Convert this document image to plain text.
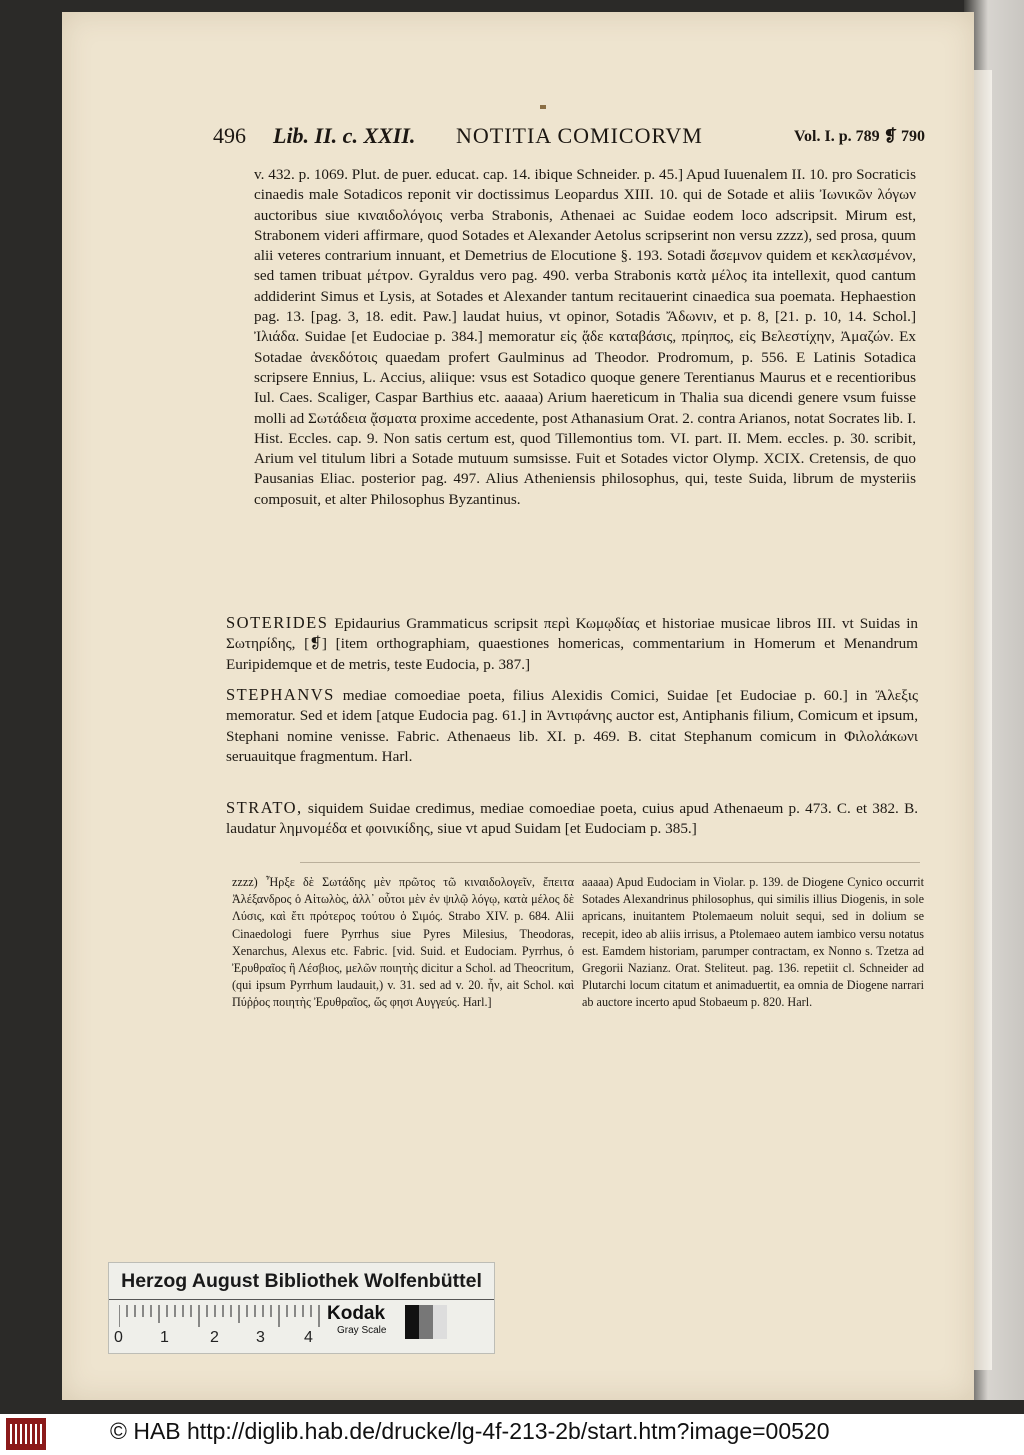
496 Lib. II. c. XXII. NOTITIA COMICORVM	Vol. I. p. 789 ❡ 790

v. 432. p. 1069. Plut. de puer. educat. cap. 14. ibique Schneider. p. 45.] Apud Iuuenalem II. 10. pro Socraticis cinaedis male Sotadicos reponit vir doctissimus Leopardus XIII. 10. qui de Sotade et aliis Ἰωνικῶν λόγων auctoribus siue κιναιδολόγοις verba Strabonis, Athenaei ac Suidae eodem loco adscripsit. Mirum est, Strabonem videri affirmare, quod Sotades et Alexander Aetolus scripserint non versu zzzz), sed prosa, quum alii veteres contrarium innuant, et Demetrius de Elocutione §. 193. Sotadi ἄσεμνον quidem et κεκλασμένον, sed tamen tribuat μέτρον. Gyraldus vero pag. 490. verba Strabonis κατὰ μέλος ita intellexit, quod cantum addiderint Simus et Lysis, at Sotades et Alexander tantum recitauerint cinaedica sua poemata. Hephaestion pag. 13. [pag. 3, 18. edit. Paw.] laudat huius, vt opinor, Sotadis Ἄδωνιν, et p. 8, [21. p. 10, 14. Schol.] Ἰλιάδα. Suidae [et Eudociae p. 384.] memoratur εἰς ᾅδε καταβάσις, πρίηπος, εἰς Βελεστίχην, Ἀμαζών. Ex Sotadae ἀνεκδότοις quaedam profert Gaulminus ad Theodor. Prodromum, p. 556. E Latinis Sotadica scripsere Ennius, L. Accius, aliique: vsus est Sotadico quoque genere Terentianus Maurus et e recentioribus Iul. Caes. Scaliger, Caspar Barthius etc. aaaaa) Arium haereticum in Thalia sua dicendi genere vsum fuisse molli ad Σωτάδεια ᾄσματα proxime accedente, post Athanasium Orat. 2. contra Arianos, notat Socrates lib. I. Hist. Eccles. cap. 9. Non satis certum est, quod Tillemontius tom. VI. part. II. Mem. eccles. p. 30. scribit, Arium vel titulum libri a Sotade mutuum sumsisse. Fuit et Sotades victor Olymp. XCIX. Cretensis, de quo Pausanias Eliac. posterior pag. 497. Alius Atheniensis philosophus, qui, teste Suida, librum de mysteriis composuit, et alter Philosophus Byzantinus.

SOTERIDES Epidaurius Grammaticus scripsit περὶ Κωμῳδίας et historiae musicae libros III. vt Suidas in Σωτηρίδης, [❡] [item orthographiam, quaestiones homericas, commentarium in Homerum et Menandrum Euripidemque et de metris, teste Eudocia, p. 387.]

STEPHANVS mediae comoediae poeta, filius Alexidis Comici, Suidae [et Eudociae p. 60.] in Ἄλεξις memoratur. Sed et idem [atque Eudocia pag. 61.] in Ἀντιφάνης auctor est, Antiphanis filium, Comicum et ipsum, Stephani nomine venisse. Fabric. Athenaeus lib. XI. p. 469. B. citat Stephanum comicum in Φιλολάκωνι seruauitque fragmentum. Harl.

STRATO, siquidem Suidae credimus, mediae comoediae poeta, cuius apud Athenaeum p. 473. C. et 382. B. laudatur λημνομέδα et φοινικίδης, siue vt apud Suidam [et Eudociam p. 385.]

zzzz) Ἦρξε δὲ Σωτάδης μὲν πρῶτος τῶ κιναιδολογεῖν, ἔπειτα Ἀλέξανδρος ὁ Αἰτωλὸς, ἀλλ᾽ οὗτοι μὲν ἐν ψιλῷ λόγῳ, κατὰ μέλος δὲ Λύσις, καὶ ἔτι πρότερος τούτου ὁ Σιμός. Strabo XIV. p. 684. Alii Cinaedologi fuere Pyrrhus siue Pyres Milesius, Theodoras, Xenarchus, Alexus etc. Fabric. [vid. Suid. et Eudociam. Pyrrhus, ὁ Ἐρυθραῖος ἢ Λέσβιος, μελῶν ποιητὴς dicitur a Schol. ad Theocritum, (qui ipsum Pyrrhum laudauit,) v. 31. sed ad v. 20. ἦν, ait Schol. καὶ Πύῤῥος ποιητὴς Ἐρυθραῖος, ὥς φησι Αυγγεύς. Harl.]

aaaaa) Apud Eudociam in Violar. p. 139. de Diogene Cynico occurrit Sotades Alexandrinus philosophus, qui similis illius Diogenis, in sole apricans, inuitantem Ptolemaeum noluit sequi, sed in dolium se recepit, ideo ab aliis irrisus, a Ptolemaeo autem iambico versu notatus est. Eamdem historiam, parumper contractam, ex Nonno s. Tzetza ad Gregorii Nazianz. Orat. Steliteut. pag. 136. repetiit cl. Schneider ad Plutarchi locum citatum et animaduertit, ea omnia de Diogene narrari ab auctore incerto apud Stobaeum p. 820. Harl.

Herzog August Bibliothek Wolfenbüttel
0 1	2 3 4
Kodak
Gray Scale
© HAB http://diglib.hab.de/drucke/lg-4f-213-2b/start.htm?image=00520
